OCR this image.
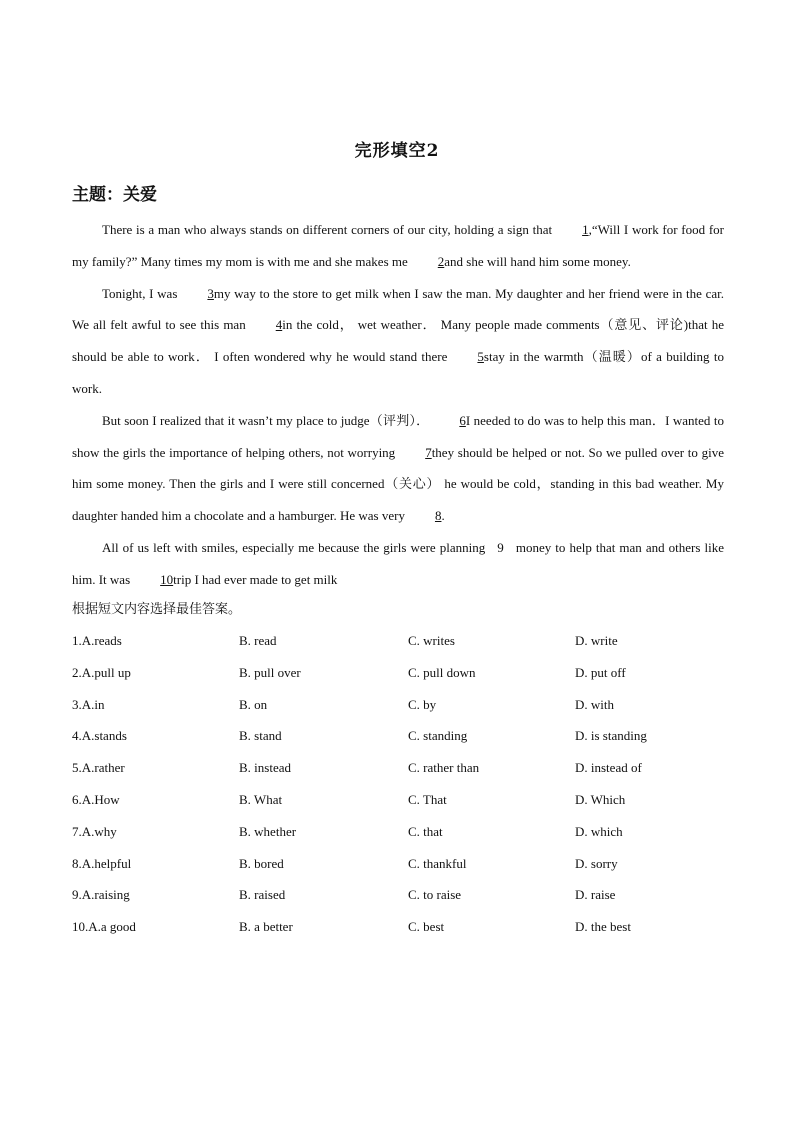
完形填空2
主题：关爱

There is a man who always stands on different corners of our city, holding a sign that 1,“Will I work for food for my family?” Many times my mom is with me and she makes me 2and she will hand him some money.

Tonight, I was 3my way to the store to get milk when I saw the man. My daughter and her friend were in the car. We all felt awful to see this man 4in the cold， wet weather． Many people made comments（意见、评论)that he should be able to work． I often wondered why he would stand there 5stay in the warmth（温暖）of a building to work.

But soon I realized that it wasn’t my place to judge（评判）． 6I needed to do was to help this man．I wanted to show the girls the importance of helping others, not worrying 7they should be helped or not. So we pulled over to give him some money. Then the girls and I were still concerned（关心） he would be cold，standing in this bad weather. My daughter handed him a chocolate and a hamburger. He was very 8.

All of us left with smiles, especially me because the girls were planning 9 money to help that man and others like him. It was 10trip I had ever made to get milk

根据短文内容选择最佳答案。
1.A.reads	B. read	C. writes	D. write
2.A.pull up	B. pull over	C. pull down	D. put off
3.A.in	B. on	C. by	D. with
4.A.stands	B. stand	C. standing	D. is standing
5.A.rather	B. instead	C. rather than	D. instead of
6.A.How	B. What	C. That	D. Which
7.A.why	B. whether	C. that	D. which
8.A.helpful	B. bored	C. thankful	D. sorry
9.A.raising	B. raised	C. to raise	D. raise
10.A.a good	B. a better	C. best	D. the best
